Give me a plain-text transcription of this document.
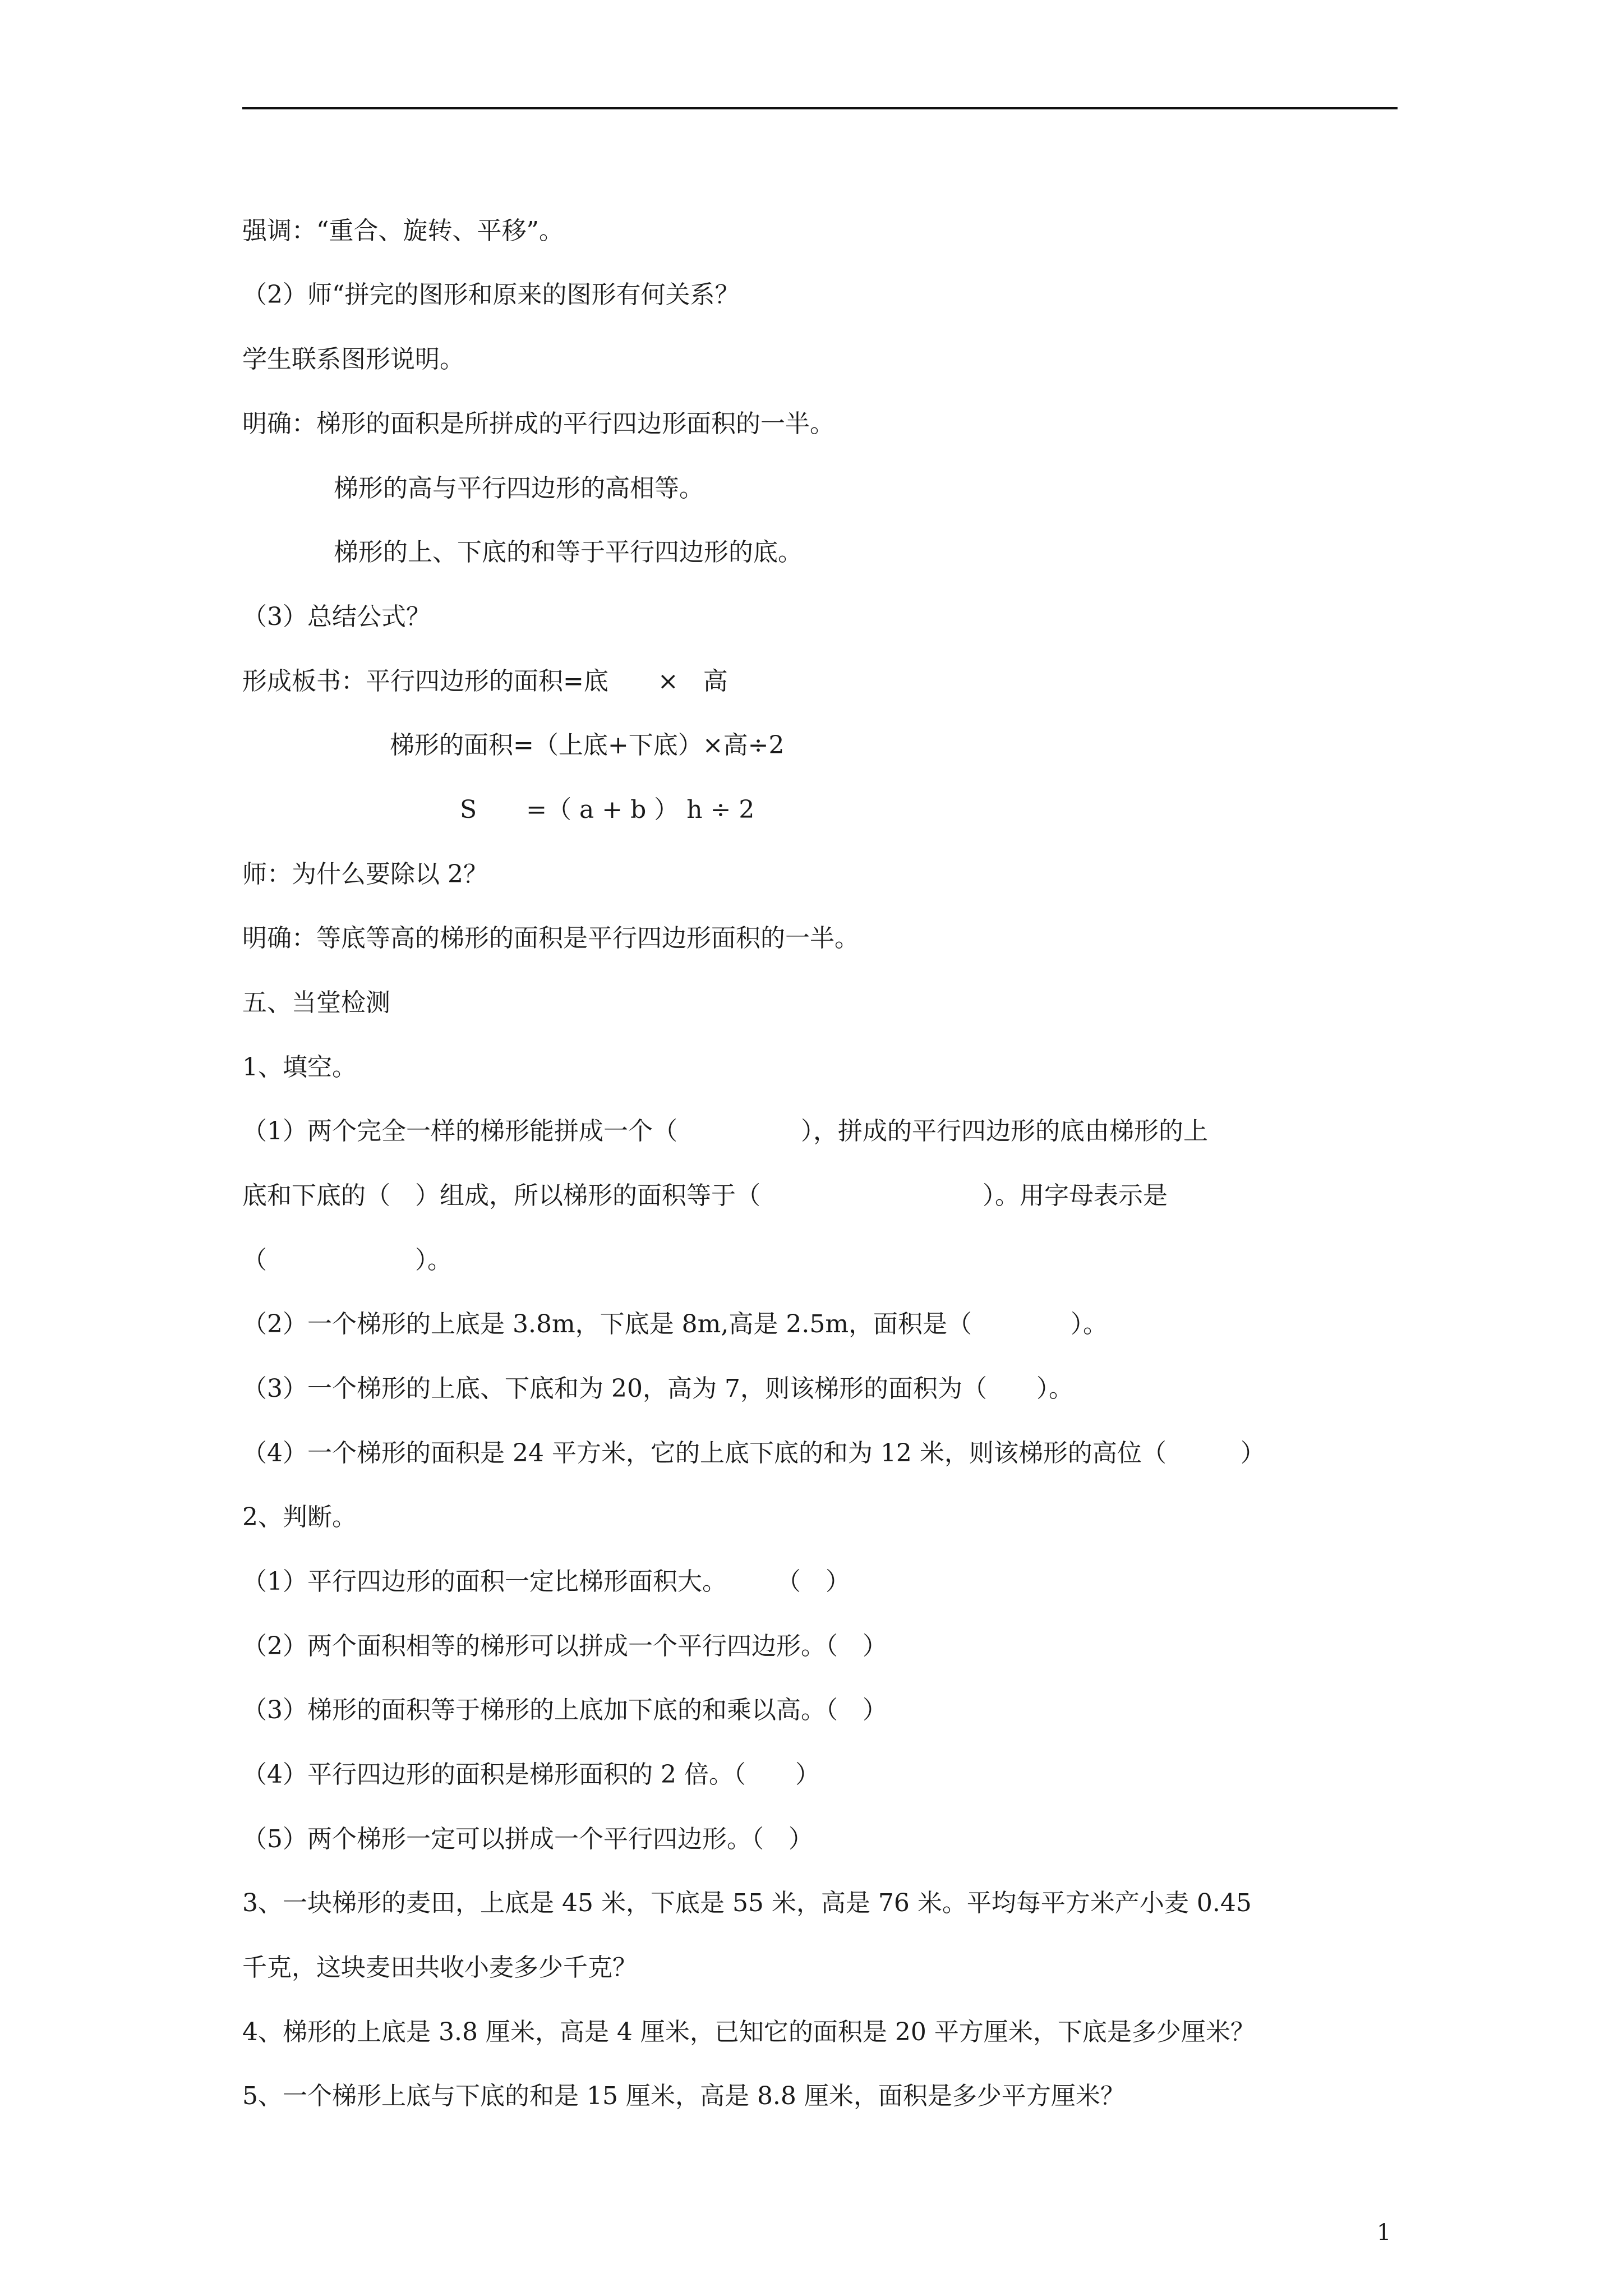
强调：“重合、旋转、平移”。
（2）师“拼完的图形和原来的图形有何关系？
学生联系图形说明。
明确：梯形的面积是所拼成的平行四边形面积的一半。
梯形的高与平行四边形的高相等。
梯形的上、下底的和等于平行四边形的底。
（3）总结公式？
形成板书：平行四边形的面积=底　　×　高
梯形的面积=（上底+下底）×高÷2
S　　=（ a + b ） h ÷ 2
师：为什么要除以 2？
明确：等底等高的梯形的面积是平行四边形面积的一半。
五、当堂检测
1、填空。
（1）两个完全一样的梯形能拼成一个（　　　　　），拼成的平行四边形的底由梯形的上
底和下底的（　）组成，所以梯形的面积等于（　　　　　　　　　）。用字母表示是
（　　　　　　）。
（2）一个梯形的上底是 3.8m，下底是 8m,高是 2.5m，面积是（　　　　）。
（3）一个梯形的上底、下底和为 20，高为 7，则该梯形的面积为（　　）。
（4）一个梯形的面积是 24 平方米，它的上底下底的和为 12 米，则该梯形的高位（　　　）
2、判断。
（1）平行四边形的面积一定比梯形面积大。　　　（　）
（2）两个面积相等的梯形可以拼成一个平行四边形。（　）
（3）梯形的面积等于梯形的上底加下底的和乘以高。（　）
（4）平行四边形的面积是梯形面积的 2 倍。（　　）
（5）两个梯形一定可以拼成一个平行四边形。（　）
3、一块梯形的麦田，上底是 45 米，下底是 55 米，高是 76 米。平均每平方米产小麦 0.45
千克，这块麦田共收小麦多少千克？
4、梯形的上底是 3.8 厘米，高是 4 厘米，已知它的面积是 20 平方厘米，下底是多少厘米？
5、一个梯形上底与下底的和是 15 厘米，高是 8.8 厘米，面积是多少平方厘米？
1
